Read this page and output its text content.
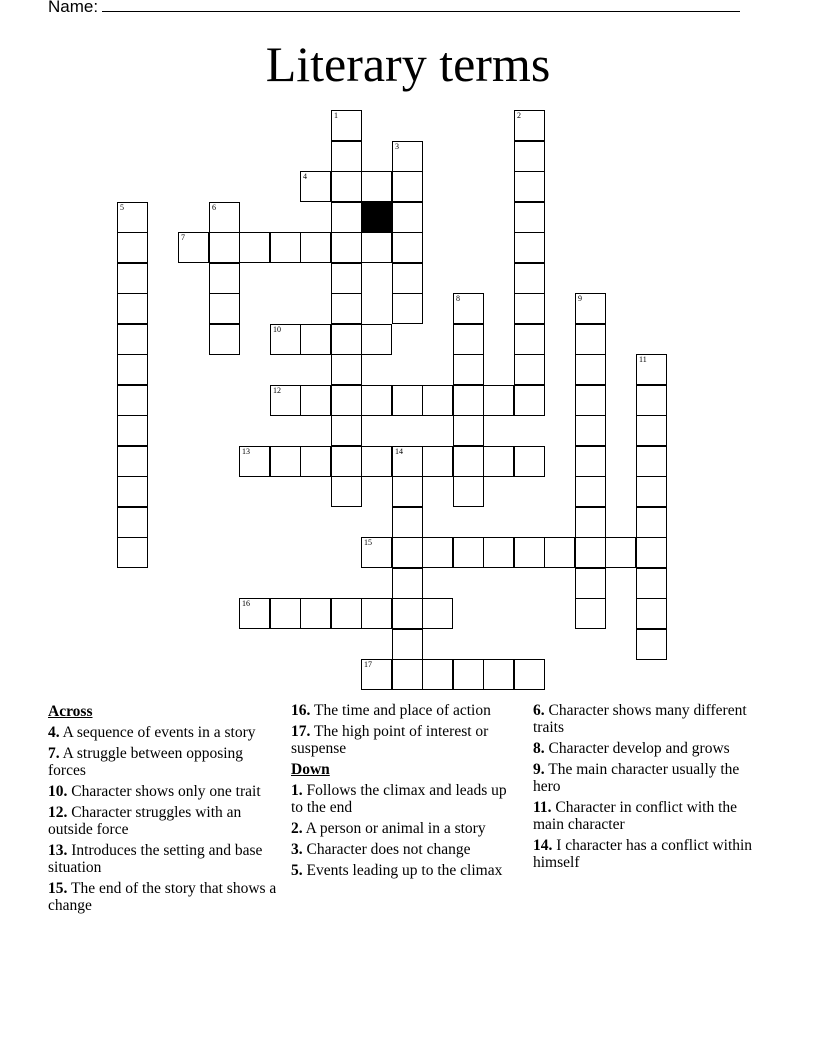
Name:
Literary terms
1	2
3
4
5	6
7
8	9
10
11
12
13	14
15
16
17
Across
4. A sequence of events in a story
7. A struggle between opposing forces
10. Character shows only one trait
12. Character struggles with an outside force
13. Introduces the setting and base situation
15. The end of the story that shows a change
16. The time and place of action
17. The high point of interest or suspense
Down
1. Follows the climax and leads up to the end
2. A person or animal in a story
3. Character does not change
5. Events leading up to the climax
6. Character shows many different traits
8. Character develop and grows
9. The main character usually the hero
11. Character in conflict with the main character
14. I character has a conflict within himself
